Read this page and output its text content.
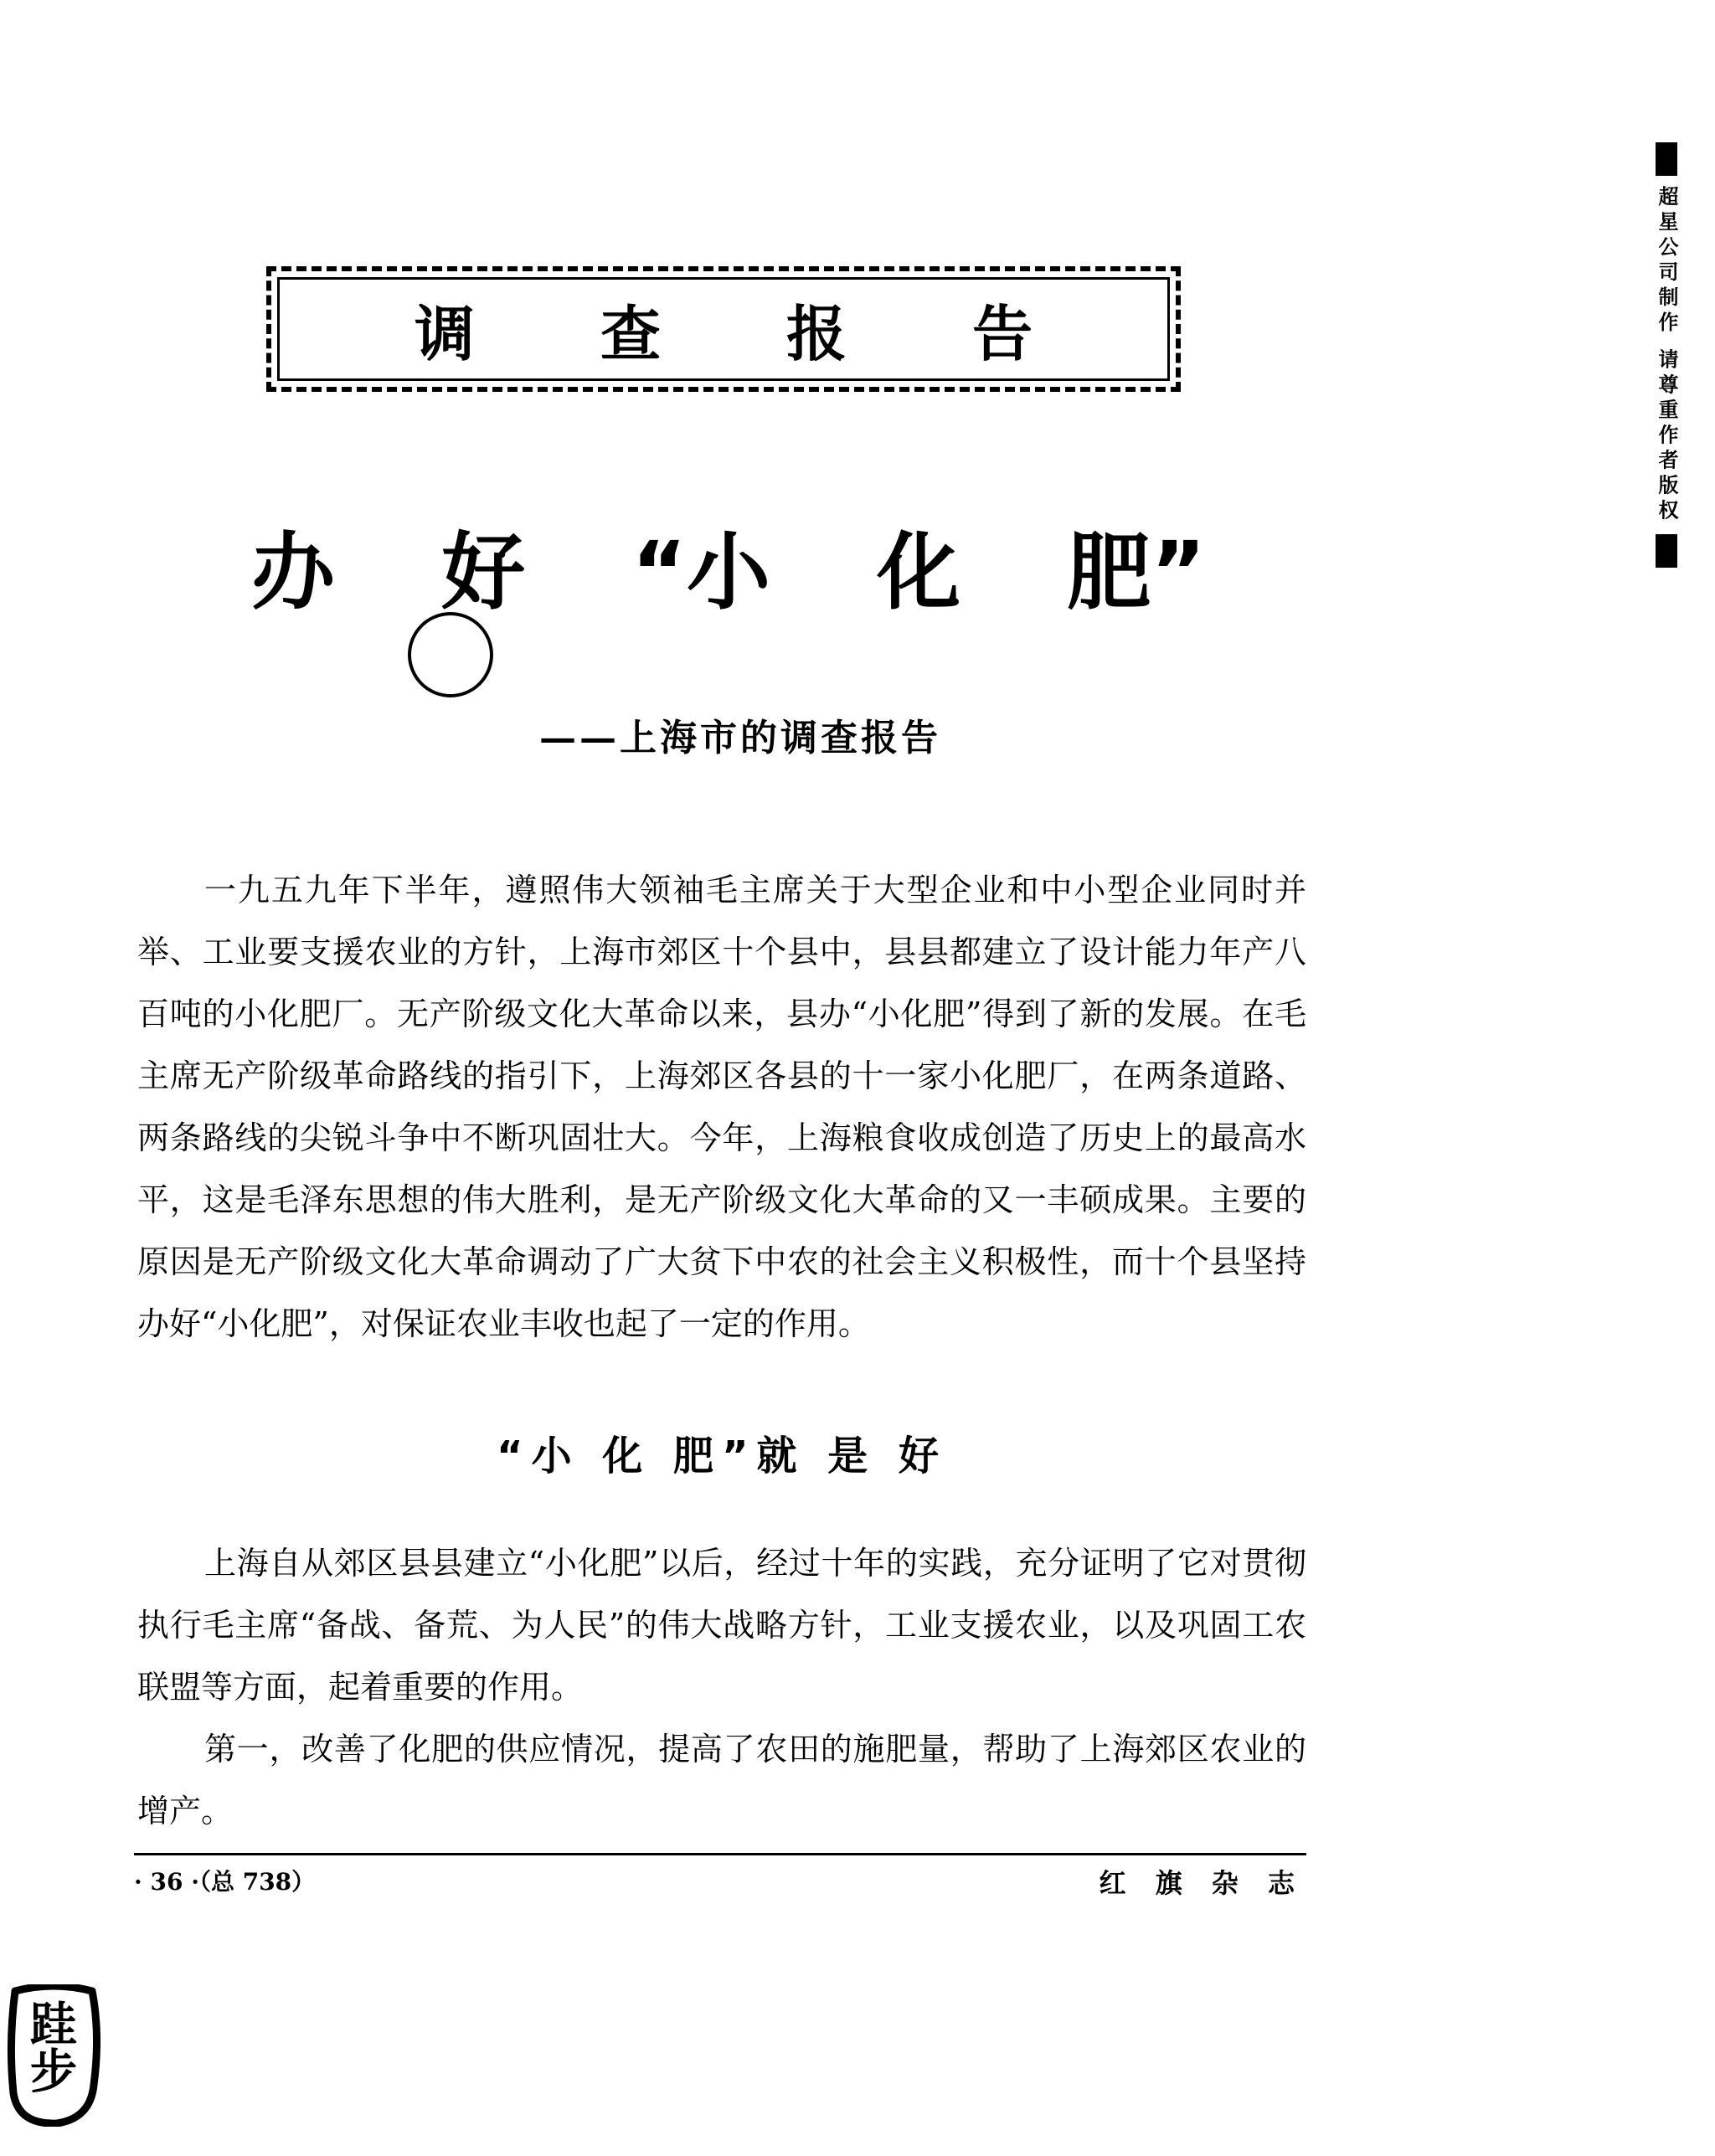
调 查 报 告
办 好 “小 化 肥”
——上海市的调查报告

一九五九年下半年，遵照伟大领袖毛主席关于大型企业和中小型企业同时并举、工业要支援农业的方针，上海市郊区十个县中，县县都建立了设计能力年产八百吨的小化肥厂。无产阶级文化大革命以来，县办“小化肥”得到了新的发展。在毛主席无产阶级革命路线的指引下，上海郊区各县的十一家小化肥厂，在两条道路、两条路线的尖锐斗争中不断巩固壮大。今年，上海粮食收成创造了历史上的最高水平，这是毛泽东思想的伟大胜利，是无产阶级文化大革命的又一丰硕成果。主要的原因是无产阶级文化大革命调动了广大贫下中农的社会主义积极性，而十个县坚持办好“小化肥”，对保证农业丰收也起了一定的作用。

“小 化 肥”就 是 好

上海自从郊区县县建立“小化肥”以后，经过十年的实践，充分证明了它对贯彻执行毛主席“备战、备荒、为人民”的伟大战略方针，工业支援农业，以及巩固工农联盟等方面，起着重要的作用。

第一，改善了化肥的供应情况，提高了农田的施肥量，帮助了上海郊区农业的增产。

· 36 ·（总 738）	红 旗 杂 志
超星公司制作 请尊重作者版权
跬步
